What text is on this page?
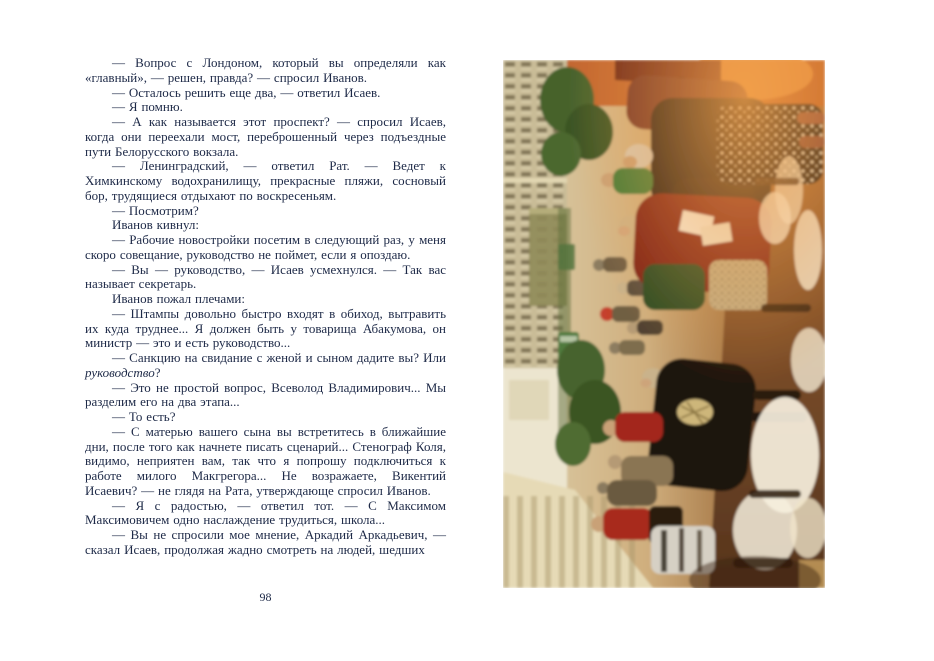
— Вопрос с Лондоном, который вы определяли как «главный», — решен, правда? — спросил Иванов.

— Осталось решить еще два, — ответил Исаев.

— Я помню.

— А как называется этот проспект? — спросил Исаев, когда они переехали мост, переброшенный через подъездные пути Белорусского вокзала.

— Ленинградский, — ответил Рат. — Ведет к Химкинскому водохранилищу, прекрасные пляжи, сосновый бор, трудящиеся отдыхают по воскресеньям.

— Посмотрим?

Иванов кивнул:

— Рабочие новостройки посетим в следующий раз, у меня скоро совещание, руководство не поймет, если я опоздаю.

— Вы — руководство, — Исаев усмехнулся. — Так вас называет секретарь.

Иванов пожал плечами:

— Штампы довольно быстро входят в обиход, вытравить их куда труднее... Я должен быть у товарища Абакумова, он министр — это и есть руководство...

— Санкцию на свидание с женой и сыном дадите вы? Или руководство?

— Это не простой вопрос, Всеволод Владимирович... Мы разделим его на два этапа...

— То есть?

— С матерью вашего сына вы встретитесь в ближайшие дни, после того как начнете писать сценарий... Стенограф Коля, видимо, неприятен вам, так что я попрошу подключиться к работе милого Макгрегора... Не возражаете, Викентий Исаевич? — не глядя на Рата, утверждающе спросил Иванов.

— Я с радостью, — ответил тот. — С Максимом Максимовичем одно наслаждение трудиться, школа...

— Вы не спросили мое мнение, Аркадий Аркадьевич, — сказал Исаев, продолжая жадно смотреть на людей, шедших

98
